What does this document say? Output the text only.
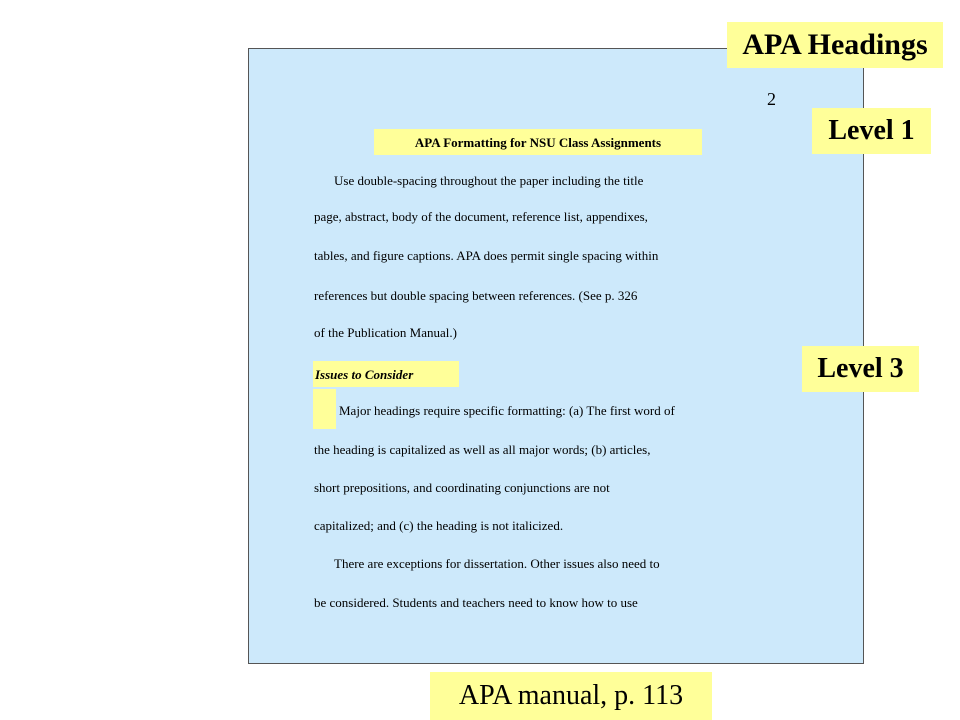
2
APA Formatting for NSU Class Assignments
Use double-spacing throughout the paper including the title
page, abstract, body of the document, reference list, appendixes,
tables, and figure captions. APA does permit single spacing within
references but double spacing between references. (See p. 326
of the Publication Manual.)
Issues to Consider
Major headings require specific formatting: (a) The first word of
the heading is capitalized as well as all major words; (b) articles,
short prepositions, and coordinating conjunctions are not
capitalized; and (c) the heading is not italicized.
There are exceptions for dissertation. Other issues also need to
be considered. Students and teachers need to know how to use
APA Headings
Level 1
Level 3
APA manual, p. 113
